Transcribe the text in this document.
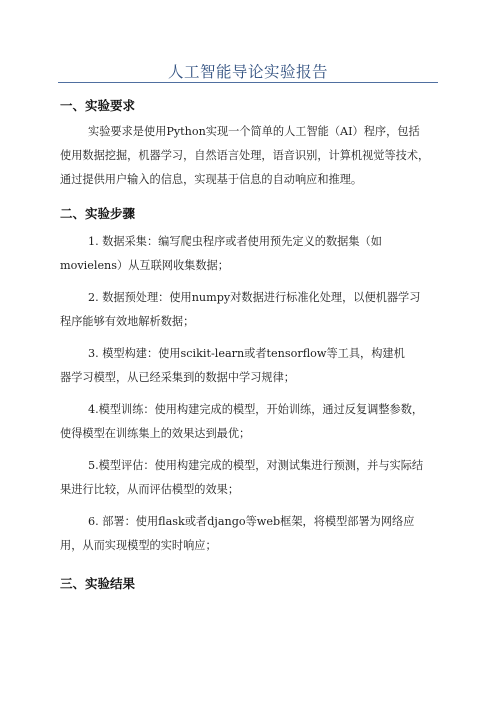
人工智能导论实验报告
一、实验要求
实验要求是使用Python实现一个简单的人工智能（AI）程序，包括
使用数据挖掘，机器学习，自然语言处理，语音识别，计算机视觉等技术，
通过提供用户输入的信息，实现基于信息的自动响应和推理。
二、实验步骤
1. 数据采集：编写爬虫程序或者使用预先定义的数据集（如
movielens）从互联网收集数据；
2. 数据预处理：使用numpy对数据进行标准化处理，以便机器学习
程序能够有效地解析数据；
3. 模型构建：使用scikit-learn或者tensorflow等工具，构建机
器学习模型，从已经采集到的数据中学习规律；
4.模型训练：使用构建完成的模型，开始训练，通过反复调整参数，
使得模型在训练集上的效果达到最优；
5.模型评估：使用构建完成的模型，对测试集进行预测，并与实际结
果进行比较，从而评估模型的效果；
6. 部署：使用flask或者django等web框架，将模型部署为网络应
用，从而实现模型的实时响应；
三、实验结果
